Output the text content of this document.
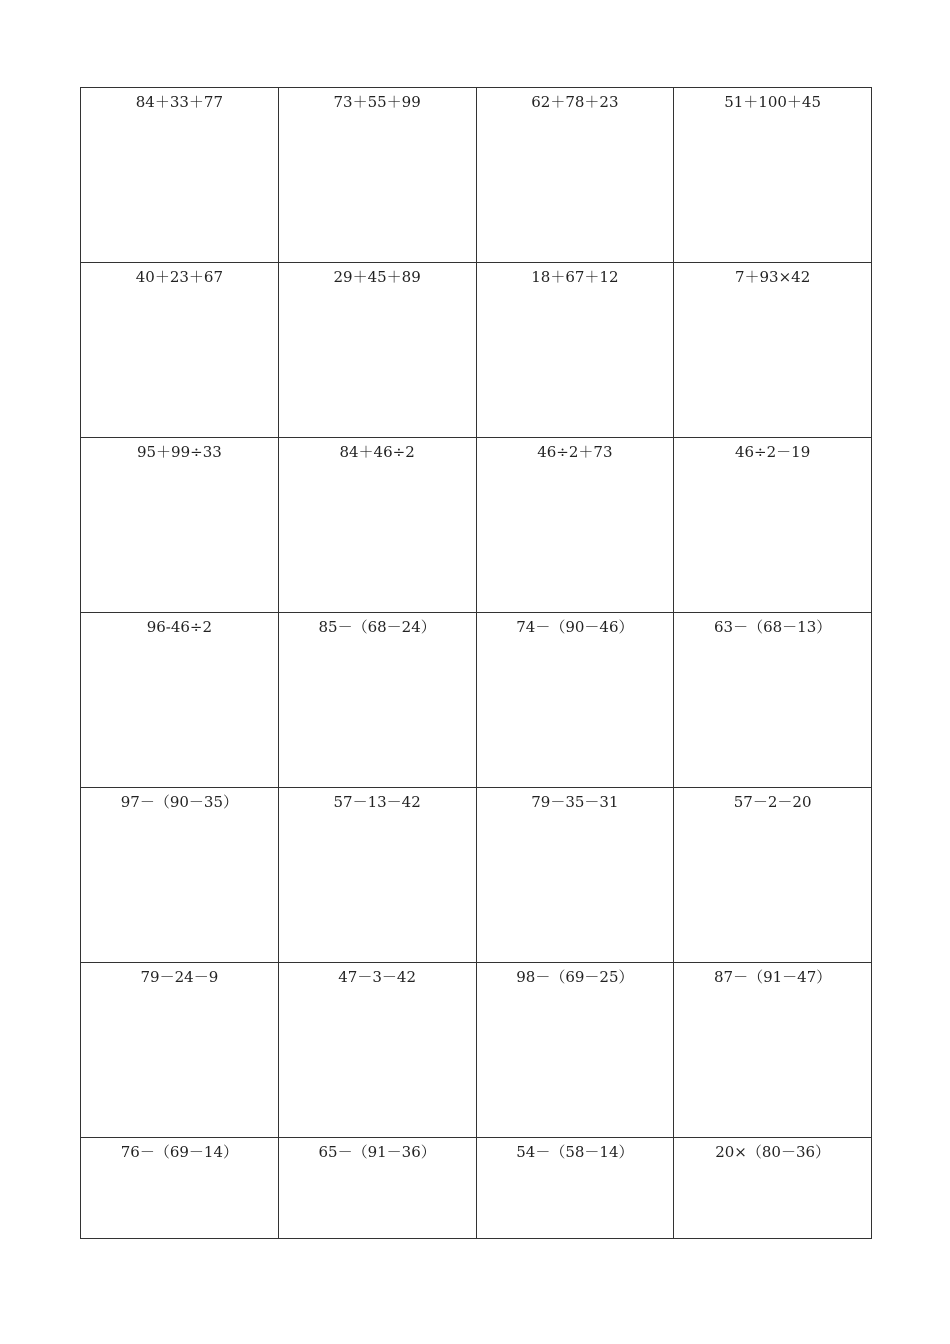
84＋33＋77	73＋55＋99	62＋78＋23	51＋100＋45
40＋23＋67	29＋45＋89	18＋67＋12	7＋93×42
95＋99÷33	84＋46÷2	46÷2＋73	46÷2－19
96-46÷2	85－（68－24）	74－（90－46）	63－（68－13）
97－（90－35）	57－13－42	79－35－31	57－2－20
79－24－9	47－3－42	98－（69－25）	87－（91－47）
76－（69－14）	65－（91－36）	54－（58－14）	20×（80－36）
